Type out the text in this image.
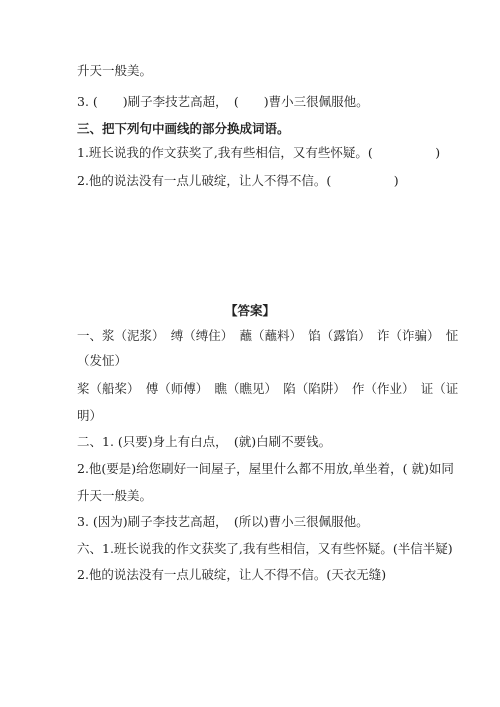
升天一般美。
3. (　　)刷子李技艺高超，　(　　)曹小三很佩服他。
三、把下列句中画线的部分换成词语。
1.班长说我的作文获奖了,我有些相信，又有些怀疑。(　　　　　)
2.他的说法没有一点儿破绽，让人不得不信。(　　　　　)
【答案】
一、浆（泥浆）　缚（缚住）　蘸（蘸料）　馅（露馅）　诈（诈骗）　怔
（发怔）
桨（船桨）　傅（师傅）　瞧（瞧见）　陷（陷阱）　作（作业）　证（证
明）
二、1. (只要)身上有白点，　(就)白刷不要钱。
2.他(要是)给您刷好一间屋子，屋里什么都不用放,单坐着，( 就)如同
升天一般美。
3. (因为)刷子李技艺高超，　(所以)曹小三很佩服他。
六、1.班长说我的作文获奖了,我有些相信，又有些怀疑。(半信半疑)
2.他的说法没有一点儿破绽，让人不得不信。(天衣无缝)
